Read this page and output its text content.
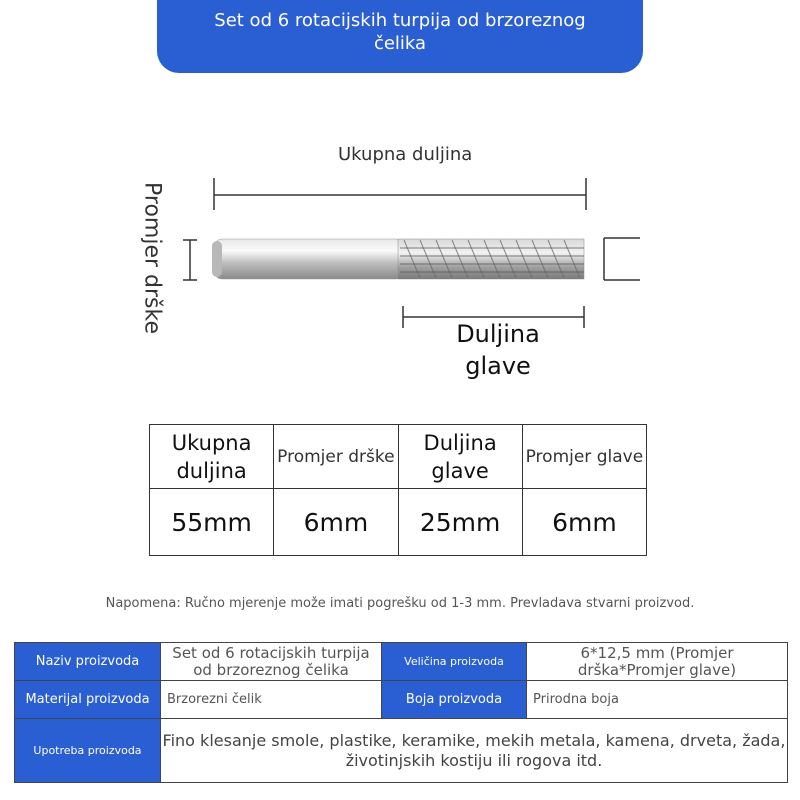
Set od 6 rotacijskih turpija od brzoreznog čelika
Ukupna duljina
Promjer drške
Duljina glave
Ukupna duljina	Promjer drške	Duljina glave	Promjer glave
55mm	6mm	25mm	6mm
Napomena: Ručno mjerenje može imati pogrešku od 1-3 mm. Prevladava stvarni proizvod.
Naziv proizvoda	Set od 6 rotacijskih turpija od brzoreznog čelika	Veličina proizvoda	6*12,5 mm (Promjer drška*Promjer glave)
Materijal proizvoda	Brzorezni čelik	Boja proizvoda	Prirodna boja
Upotreba proizvoda	Fino klesanje smole, plastike, keramike, mekih metala, kamena, drveta, žada, životinjskih kostiju ili rogova itd.		
